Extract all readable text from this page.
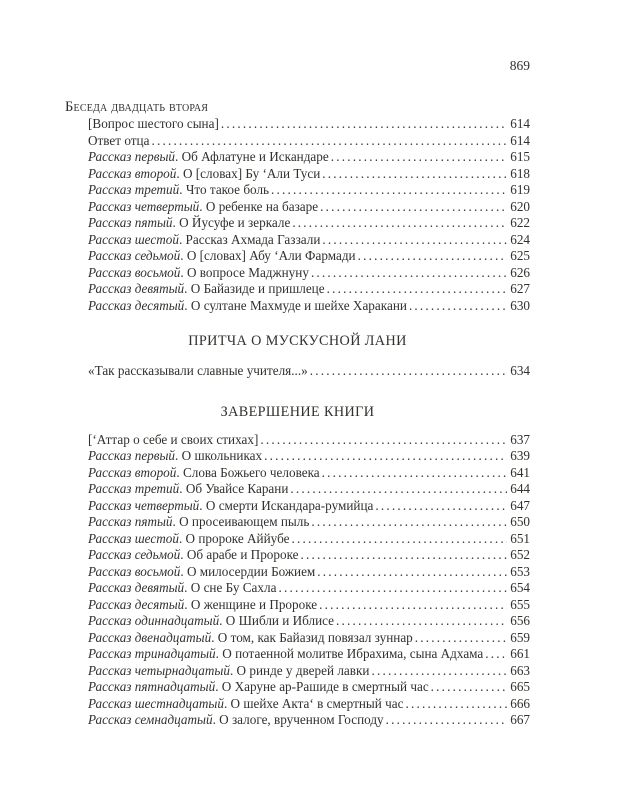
869
Беседа двадцать вторая
[Вопрос шестого сына] .....	614
Ответ отца .....	614
Рассказ первый. Об Афлатуне и Искандаре .....	615
Рассказ второй. О [словах] Бу ‘Али Туси .....	618
Рассказ третий. Что такое боль .....	619
Рассказ четвертый. О ребенке на базаре .....	620
Рассказ пятый. О Йусуфе и зеркале .....	622
Рассказ шестой. Рассказ Ахмада Газзали .....	624
Рассказ седьмой. О [словах] Абу ‘Али Фармади .....	625
Рассказ восьмой. О вопросе Маджнуну .....	626
Рассказ девятый. О Байазиде и пришлеце .....	627
Рассказ десятый. О султане Махмуде и шейхе Харакани .....	630
ПРИТЧА О МУСКУСНОЙ ЛАНИ
«Так рассказывали славные учителя...» .....	634
ЗАВЕРШЕНИЕ КНИГИ
[‘Аттар о себе и своих стихах] .....	637
Рассказ первый. О школьниках .....	639
Рассказ второй. Слова Божьего человека .....	641
Рассказ третий. Об Увайсе Карани .....	644
Рассказ четвертый. О смерти Искандара-румийца .....	647
Рассказ пятый. О просеивающем пыль .....	650
Рассказ шестой. О пророке Аййубе .....	651
Рассказ седьмой. Об арабе и Пророке .....	652
Рассказ восьмой. О милосердии Божием .....	653
Рассказ девятый. О сне Бу Сахла .....	654
Рассказ десятый. О женщине и Пророке .....	655
Рассказ одиннадцатый. О Шибли и Иблисе .....	656
Рассказ двенадцатый. О том, как Байазид повязал зуннар .....	659
Рассказ тринадцатый. О потаенной молитве Ибрахима, сына Адхама ..... 661
Рассказ четырнадцатый. О ринде у дверей лавки .....	663
Рассказ пятнадцатый. О Харуне ар-Рашиде в смертный час .....	665
Рассказ шестнадцатый. О шейхе Актаʻ в смертный час .....	666
Рассказ семнадцатый. О залоге, врученном Господу .....	667
